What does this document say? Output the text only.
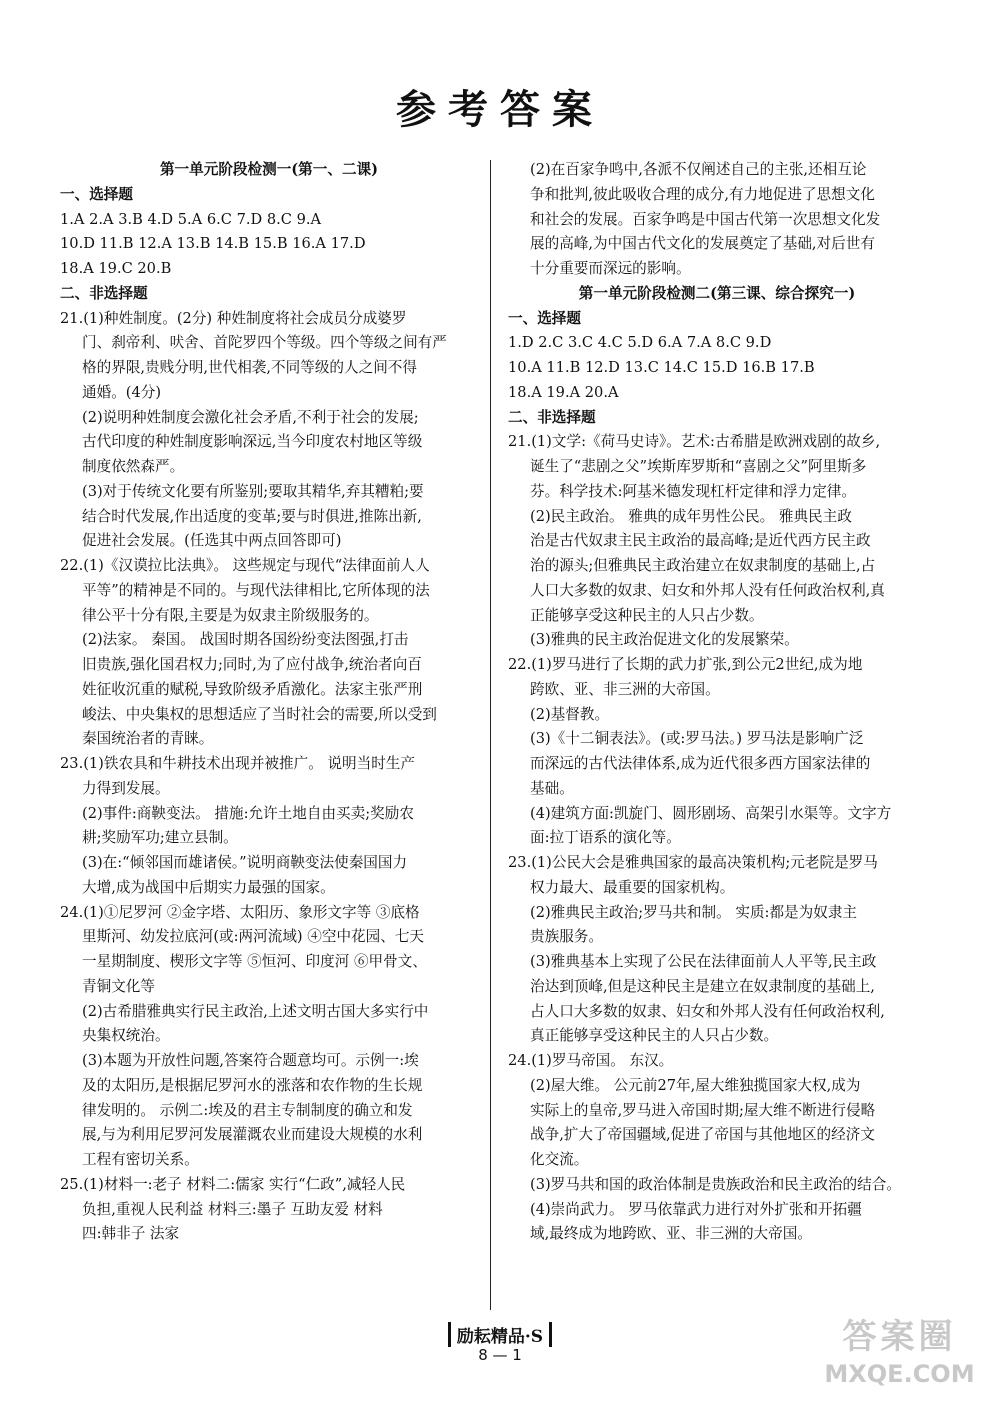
参考答案
第一单元阶段检测一(第一、二课)
一、选择题
1.A 2.A 3.B 4.D 5.A 6.C 7.D 8.C 9.A
10.D 11.B 12.A 13.B 14.B 15.B 16.A 17.D
18.A 19.C 20.B
二、非选择题
21.(1)种姓制度。(2分) 种姓制度将社会成员分成婆罗
门、刹帝利、吠舍、首陀罗四个等级。四个等级之间有严
格的界限,贵贱分明,世代相袭,不同等级的人之间不得
通婚。(4分)
(2)说明种姓制度会激化社会矛盾,不利于社会的发展;
古代印度的种姓制度影响深远,当今印度农村地区等级
制度依然森严。
(3)对于传统文化要有所鉴别;要取其精华,弃其糟粕;要
结合时代发展,作出适度的变革;要与时俱进,推陈出新,
促进社会发展。(任选其中两点回答即可)
22.(1)《汉谟拉比法典》。 这些规定与现代“法律面前人人
平等”的精神是不同的。与现代法律相比,它所体现的法
律公平十分有限,主要是为奴隶主阶级服务的。
(2)法家。 秦国。 战国时期各国纷纷变法图强,打击
旧贵族,强化国君权力;同时,为了应付战争,统治者向百
姓征收沉重的赋税,导致阶级矛盾激化。法家主张严刑
峻法、中央集权的思想适应了当时社会的需要,所以受到
秦国统治者的青睐。
23.(1)铁农具和牛耕技术出现并被推广。 说明当时生产
力得到发展。
(2)事件:商鞅变法。 措施:允许土地自由买卖;奖励农
耕;奖励军功;建立县制。
(3)在:“倾邻国而雄诸侯。”说明商鞅变法使秦国国力
大增,成为战国中后期实力最强的国家。
24.(1)①尼罗河 ②金字塔、太阳历、象形文字等 ③底格
里斯河、幼发拉底河(或:两河流域) ④空中花园、七天
一星期制度、楔形文字等 ⑤恒河、印度河 ⑥甲骨文、
青铜文化等
(2)古希腊雅典实行民主政治,上述文明古国大多实行中
央集权统治。
(3)本题为开放性问题,答案符合题意均可。示例一:埃
及的太阳历,是根据尼罗河水的涨落和农作物的生长规
律发明的。 示例二:埃及的君主专制制度的确立和发
展,与为利用尼罗河发展灌溉农业而建设大规模的水利
工程有密切关系。
25.(1)材料一:老子 材料二:儒家 实行“仁政”,减轻人民
负担,重视人民利益 材料三:墨子 互助友爱 材料
四:韩非子 法家
(2)在百家争鸣中,各派不仅阐述自己的主张,还相互论
争和批判,彼此吸收合理的成分,有力地促进了思想文化
和社会的发展。百家争鸣是中国古代第一次思想文化发
展的高峰,为中国古代文化的发展奠定了基础,对后世有
十分重要而深远的影响。
第一单元阶段检测二(第三课、综合探究一)
一、选择题
1.D 2.C 3.C 4.C 5.D 6.A 7.A 8.C 9.D
10.A 11.B 12.D 13.C 14.C 15.D 16.B 17.B
18.A 19.A 20.A
二、非选择题
21.(1)文学:《荷马史诗》。艺术:古希腊是欧洲戏剧的故乡,
诞生了“悲剧之父”埃斯库罗斯和“喜剧之父”阿里斯多
芬。科学技术:阿基米德发现杠杆定律和浮力定律。
(2)民主政治。 雅典的成年男性公民。 雅典民主政
治是古代奴隶主民主政治的最高峰;是近代西方民主政
治的源头;但雅典民主政治建立在奴隶制度的基础上,占
人口大多数的奴隶、妇女和外邦人没有任何政治权利,真
正能够享受这种民主的人只占少数。
(3)雅典的民主政治促进文化的发展繁荣。
22.(1)罗马进行了长期的武力扩张,到公元2世纪,成为地
跨欧、亚、非三洲的大帝国。
(2)基督教。
(3)《十二铜表法》。(或:罗马法。) 罗马法是影响广泛
而深远的古代法律体系,成为近代很多西方国家法律的
基础。
(4)建筑方面:凯旋门、圆形剧场、高架引水渠等。文字方
面:拉丁语系的演化等。
23.(1)公民大会是雅典国家的最高决策机构;元老院是罗马
权力最大、最重要的国家机构。
(2)雅典民主政治;罗马共和制。 实质:都是为奴隶主
贵族服务。
(3)雅典基本上实现了公民在法律面前人人平等,民主政
治达到顶峰,但是这种民主是建立在奴隶制度的基础上,
占人口大多数的奴隶、妇女和外邦人没有任何政治权利,
真正能够享受这种民主的人只占少数。
24.(1)罗马帝国。 东汉。
(2)屋大维。 公元前27年,屋大维独揽国家大权,成为
实际上的皇帝,罗马进入帝国时期;屋大维不断进行侵略
战争,扩大了帝国疆域,促进了帝国与其他地区的经济文
化交流。
(3)罗马共和国的政治体制是贵族政治和民主政治的结合。
(4)崇尚武力。 罗马依靠武力进行对外扩张和开拓疆
域,最终成为地跨欧、亚、非三洲的大帝国。
励耘精品·S
8 — 1	答案圈
MXQE.COM
